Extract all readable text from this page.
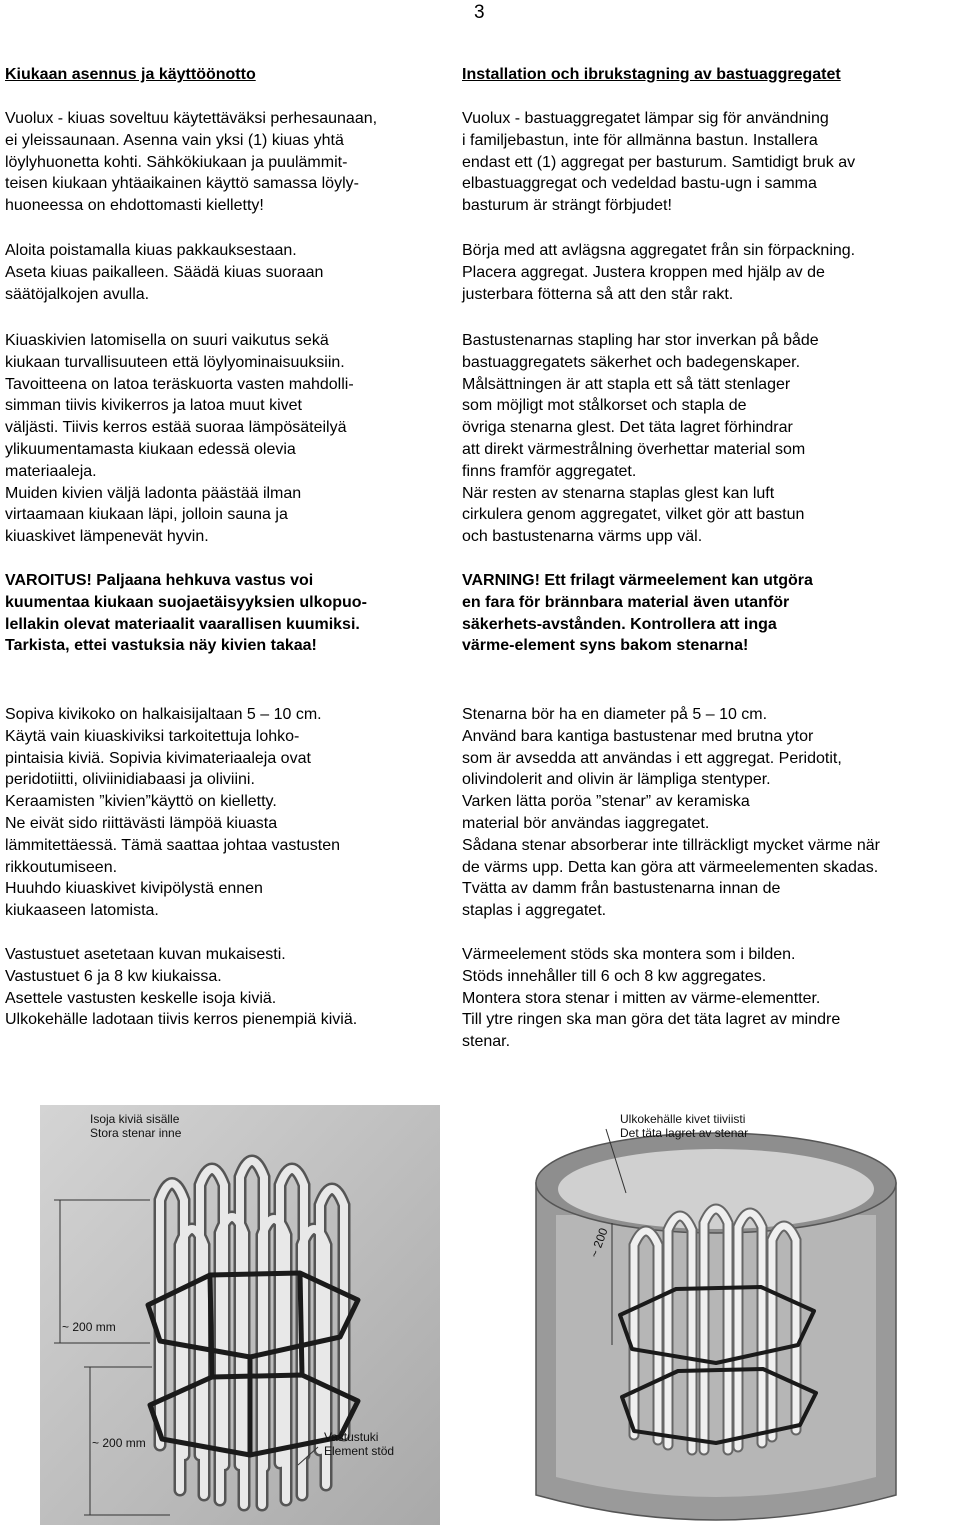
3
Kiukaan asennus ja käyttöönotto
Vuolux - kiuas soveltuu käytettäväksi perhesaunaan,
ei yleissaunaan. Asenna vain yksi (1) kiuas yhtä
löylyhuonetta kohti. Sähkökiukaan ja puulämmit-
teisen kiukaan yhtäaikainen käyttö samassa löyly-
huoneessa on ehdottomasti kielletty!
Aloita poistamalla kiuas pakkauksestaan.
Aseta kiuas paikalleen. Säädä kiuas suoraan
säätöjalkojen avulla.
Kiuaskivien latomisella on suuri vaikutus sekä
kiukaan turvallisuuteen että löylyominaisuuksiin.
Tavoitteena on latoa teräskuorta vasten mahdolli-
simman tiivis kivikerros ja latoa muut kivet
väljästi. Tiivis kerros estää suoraa lämpösäteilyä
ylikuumentamasta kiukaan edessä olevia
materiaaleja.
Muiden kivien väljä ladonta päästää ilman
virtaamaan kiukaan läpi, jolloin sauna ja
kiuaskivet lämpenevät hyvin.
VAROITUS! Paljaana hehkuva vastus voi
kuumentaa kiukaan suojaetäisyyksien ulkopuo-
lellakin olevat materiaalit vaarallisen kuumiksi.
Tarkista, ettei vastuksia näy kivien takaa!
Sopiva kivikoko on halkaisijaltaan 5 – 10 cm.
Käytä vain kiuaskiviksi tarkoitettuja lohko-
pintaisia kiviä. Sopivia kivimateriaaleja ovat
peridotiitti, oliviinidiabaasi ja oliviini.
Keraamisten ”kivien”käyttö on kielletty.
Ne eivät sido riittävästi lämpöä kiuasta
lämmitettäessä. Tämä saattaa johtaa vastusten
rikkoutumiseen.
Huuhdo kiuaskivet kivipölystä ennen
kiukaaseen latomista.
Vastustuet asetetaan kuvan mukaisesti.
Vastustuet 6 ja 8 kw kiukaissa.
Asettele vastusten keskelle isoja kiviä.
Ulkokehälle ladotaan tiivis kerros pienempiä kiviä.
Installation och ibrukstagning av bastuaggregatet
Vuolux - bastuaggregatet lämpar sig för användning
i familjebastun, inte för allmänna bastun. Installera
endast ett (1) aggregat per basturum. Samtidigt bruk av
elbastuaggregat och vedeldad bastu-ugn i samma
basturum är strängt förbjudet!
Börja med att avlägsna aggregatet från sin förpackning.
Placera aggregat. Justera kroppen med hjälp av de
justerbara fötterna så att den står rakt.
Bastustenarnas stapling har stor inverkan på både
bastuaggregatets säkerhet och badegenskaper.
Målsättningen är att stapla ett så tätt stenlager
som möjligt mot stålkorset och stapla de
övriga stenarna glest. Det täta lagret förhindrar
att direkt värmestrålning överhettar material som
finns framför aggregatet.
När resten av stenarna staplas glest kan luft
cirkulera genom aggregatet, vilket gör att bastun
och bastustenarna värms upp väl.
VARNING! Ett frilagt värmeelement kan utgöra
en fara för brännbara material även utanför
säkerhets-avstånden. Kontrollera att inga
värme-element syns bakom stenarna!
Stenarna bör ha en diameter på 5 – 10 cm.
Använd bara kantiga bastustenar med brutna ytor
som är avsedda att användas i ett aggregat. Peridotit,
olivindolerit and olivin är lämpliga stentyper.
Varken lätta poröa ”stenar” av keramiska
material bör användas iaggregatet.
Sådana stenar absorberar inte tillräckligt mycket värme när
de värms upp. Detta kan göra att värmeelementen skadas.
Tvätta av damm från bastustenarna innan de
staplas i aggregatet.
Värmeelement stöds ska montera som i bilden.
Stöds innehåller till 6 och 8 kw aggregates.
Montera stora stenar i mitten av värme-elementter.
Till ytre ringen ska man göra det täta lagret av mindre
stenar.
Isoja kiviä sisälle
Stora stenar inne
~ 200 mm
~ 200 mm	Vastustuki
Element stöd
Ulkokehälle kivet tiiviisti
Det täta lagret av stenar
~ 200
